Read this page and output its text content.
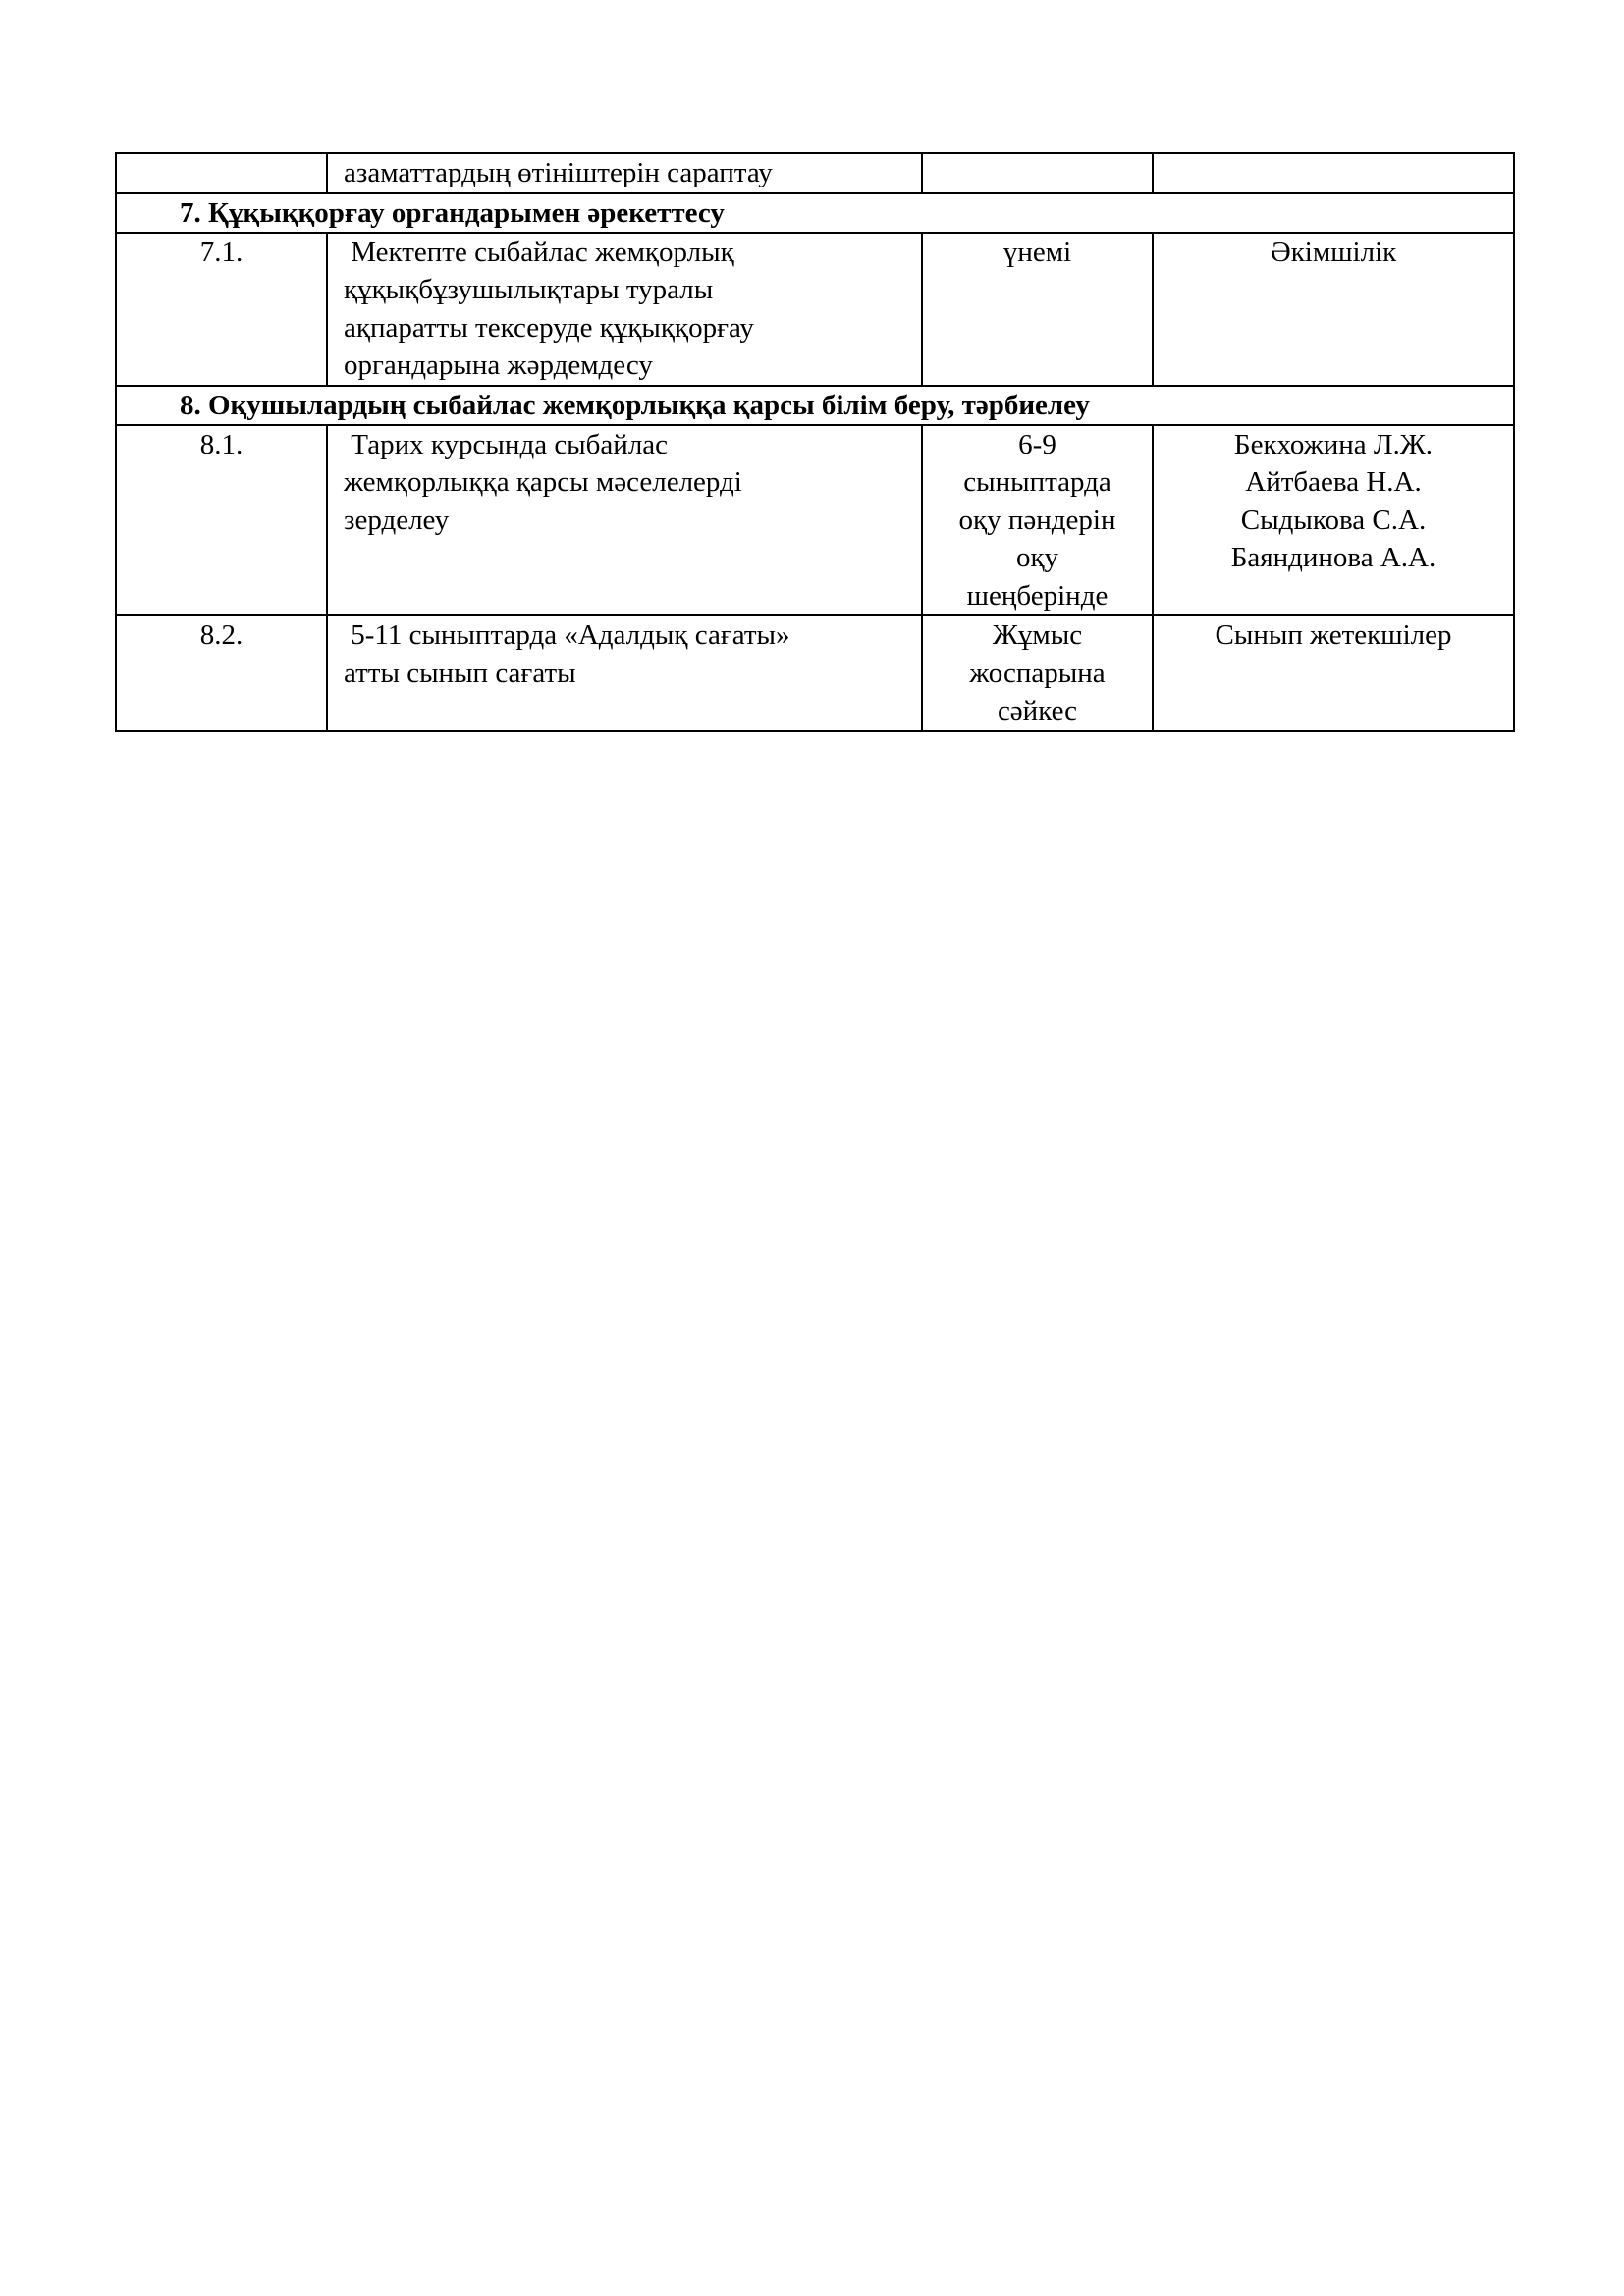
	азаматтардың өтініштерін сараптау		

7. Құқыққорғау органдарымен әрекеттесу			
7.1.	Мектепте сыбайлас жемқорлық
құқықбұзушылықтары туралы
ақпаратты тексеруде құқыққорғау
органдарына жәрдемдесу	үнемі	Әкімшілік

8. Оқушылардың сыбайлас жемқорлыққа қарсы білім беру, тәрбиелеу			
8.1.	Тарих курсында сыбайлас
жемқорлыққа қарсы мәселелерді
зерделеу	6-9
сыныптарда
оқу пәндерін
оқу
шеңберінде	Бекхожина Л.Ж.
Айтбаева Н.А.
Сыдыкова С.А.
Баяндинова А.А.

8.2.	5-11 сыныптарда «Адалдық сағаты»
атты сынып сағаты	Жұмыс
жоспарына
сәйкес	Сынып жетекшілер
